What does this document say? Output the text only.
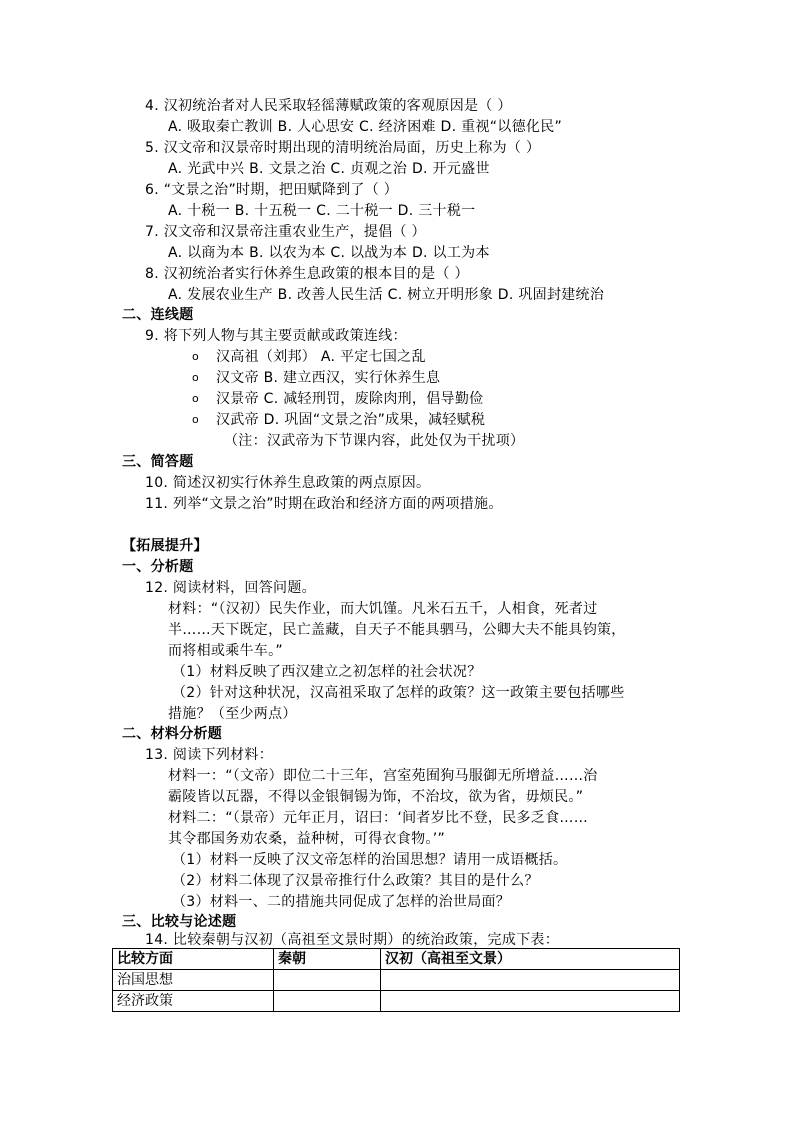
4. 汉初统治者对人民采取轻徭薄赋政策的客观原因是（ ）
A. 吸取秦亡教训 B. 人心思安 C. 经济困难 D. 重视“以德化民”
5. 汉文帝和汉景帝时期出现的清明统治局面，历史上称为（ ）
A. 光武中兴 B. 文景之治 C. 贞观之治 D. 开元盛世
6. “文景之治”时期，把田赋降到了（ ）
A. 十税一 B. 十五税一 C. 二十税一 D. 三十税一
7. 汉文帝和汉景帝注重农业生产，提倡（ ）
A. 以商为本 B. 以农为本 C. 以战为本 D. 以工为本
8. 汉初统治者实行休养生息政策的根本目的是（ ）
A. 发展农业生产 B. 改善人民生活 C. 树立开明形象 D. 巩固封建统治
二、连线题
9. 将下列人物与其主要贡献或政策连线：
o 汉高祖（刘邦） A. 平定七国之乱
o 汉文帝 B. 建立西汉，实行休养生息
o 汉景帝 C. 减轻刑罚，废除肉刑，倡导勤俭
o 汉武帝 D. 巩固“文景之治”成果，减轻赋税
（注：汉武帝为下节课内容，此处仅为干扰项）
三、简答题
10. 简述汉初实行休养生息政策的两点原因。
11. 列举“文景之治”时期在政治和经济方面的两项措施。
【拓展提升】
一、分析题
12. 阅读材料，回答问题。
材料：“（汉初）民失作业，而大饥馑。凡米石五千，人相食，死者过
半……天下既定，民亡盖藏，自天子不能具驷马，公卿大夫不能具钧策，
而将相或乘牛车。”
（1）材料反映了西汉建立之初怎样的社会状况？
（2）针对这种状况，汉高祖采取了怎样的政策？这一政策主要包括哪些
措施？（至少两点）
二、材料分析题
13. 阅读下列材料：
材料一：“（文帝）即位二十三年，宫室苑囿狗马服御无所增益……治
霸陵皆以瓦器，不得以金银铜锡为饰，不治坟，欲为省，毋烦民。”
材料二：“（景帝）元年正月，诏曰：‘间者岁比不登，民多乏食……
其令郡国务劝农桑，益种树，可得衣食物。’”
（1）材料一反映了汉文帝怎样的治国思想？请用一成语概括。
（2）材料二体现了汉景帝推行什么政策？其目的是什么？
（3）材料一、二的措施共同促成了怎样的治世局面？
三、比较与论述题
14. 比较秦朝与汉初（高祖至文景时期）的统治政策，完成下表：
比较方面	秦朝	汉初（高祖至文景）
治国思想		
经济政策		
